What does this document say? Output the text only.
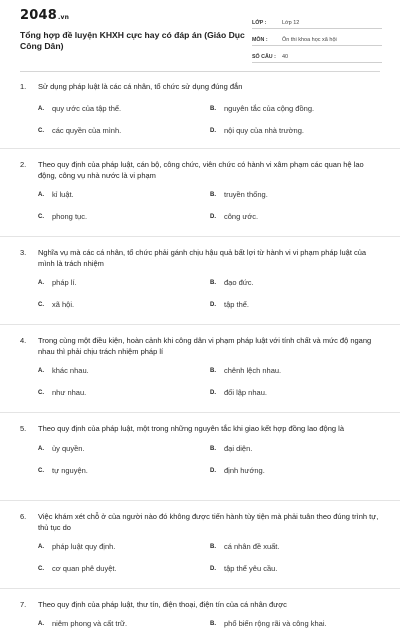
2048.vn
Tổng hợp đề luyện KHXH cực hay có đáp án (Giáo Dục Công Dân)
LỚP :	Lớp 12
MÔN :	Ôn thi khoa học xã hội
SỐ CÂU :	40
1.	Sử dụng pháp luật là các cá nhân, tổ chức sử dụng đúng đắn
A.	quy ước của tập thể.	B.	nguyên tắc của cộng đồng.
C.	các quyền của mình.	D.	nội quy của nhà trường.
2.	Theo quy định của pháp luật, cán bộ, công chức, viên chức có hành vi xâm phạm các quan hệ lao động, công vụ nhà nước là vi phạm
A.	kỉ luật.	B.	truyền thống.
C.	phong tục.	D.	công ước.
3.	Nghĩa vụ mà các cá nhân, tổ chức phải gánh chịu hậu quả bất lợi từ hành vi vi phạm pháp luật của mình là trách nhiệm
A.	pháp lí.	B.	đạo đức.
C.	xã hội.	D.	tập thể.
4.	Trong cùng một điều kiện, hoàn cảnh khi công dân vi phạm pháp luật với tính chất và mức độ ngang nhau thì phải chịu trách nhiệm pháp lí
A.	khác nhau.	B.	chênh lệch nhau.
C.	như nhau.	D.	đối lập nhau.
5.	Theo quy định của pháp luật, một trong những nguyên tắc khi giao kết hợp đồng lao động là
A.	ủy quyền.	B.	đại diện.
C.	tự nguyện.	D.	định hướng.
6.	Việc khám xét chỗ ở của người nào đó không được tiến hành tùy tiện mà phải tuân theo đúng trình tự, thủ tục do
A.	pháp luật quy định.	B.	cá nhân đề xuất.
C.	cơ quan phê duyệt.	D.	tập thể yêu cầu.
7.	Theo quy định của pháp luật, thư tín, điện thoại, điện tín của cá nhân được
A.	niêm phong và cất trữ.	B.	phổ biến rộng rãi và công khai.
